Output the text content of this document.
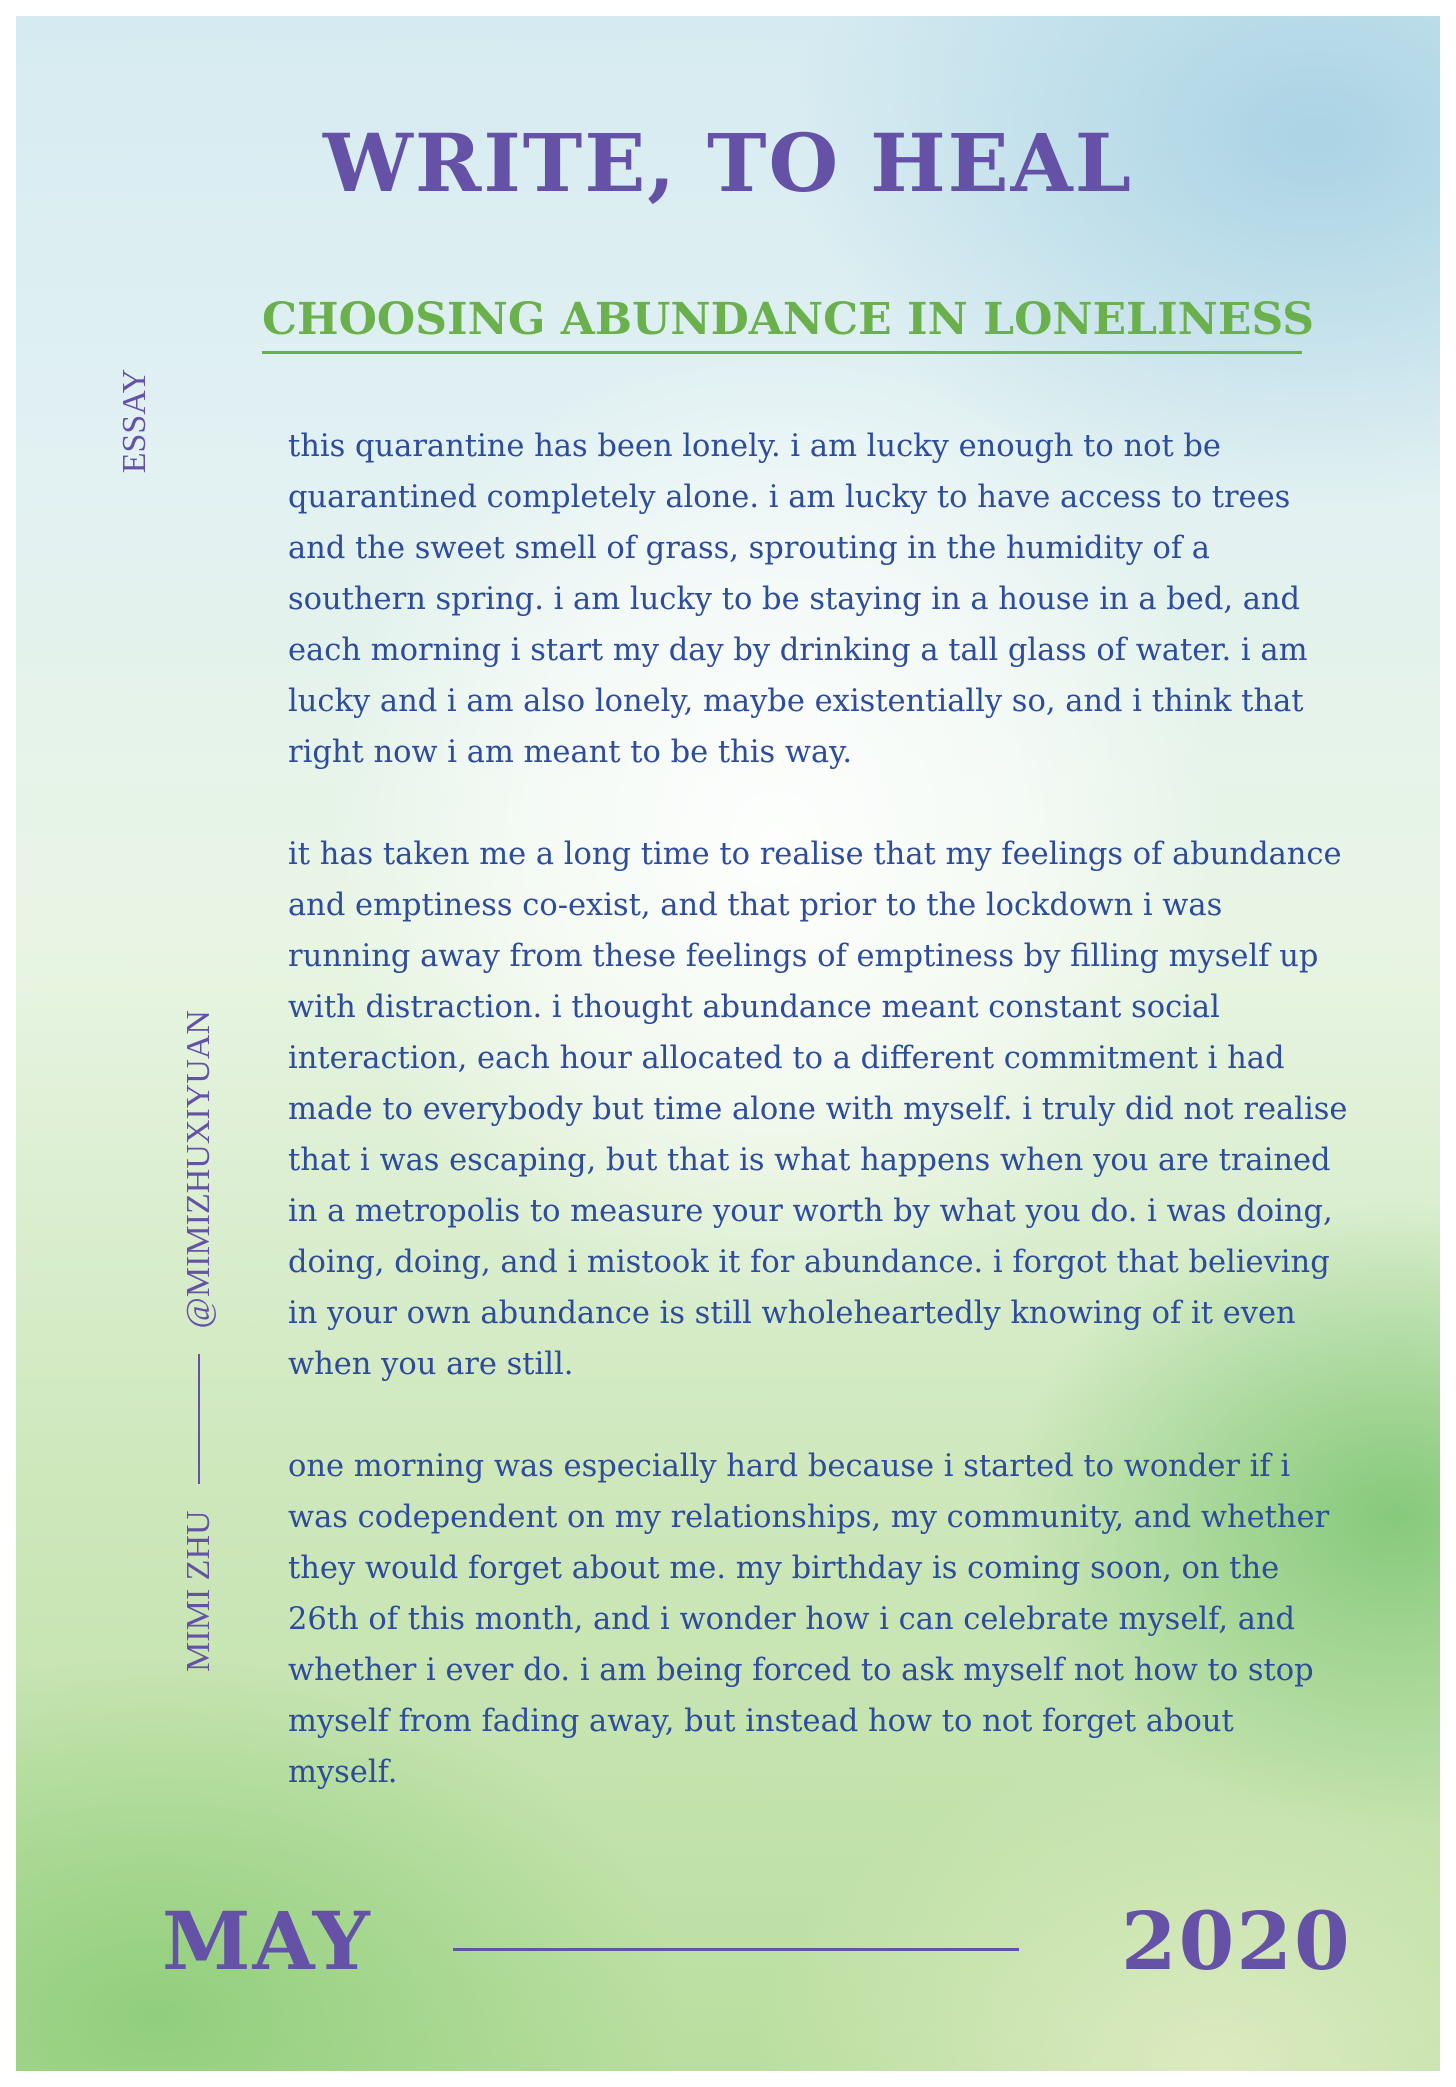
WRITE, TO HEAL
CHOOSING ABUNDANCE IN LONELINESS
ESSAY
MIMI ZHU
@MIMIZHUXIYUAN

this quarantine has been lonely. i am lucky enough to not be quarantined completely alone. i am lucky to have access to trees and the sweet smell of grass, sprouting in the humidity of a southern spring. i am lucky to be staying in a house in a bed, and each morning i start my day by drinking a tall glass of water. i am lucky and i am also lonely, maybe existentially so, and i think that right now i am meant to be this way.

it has taken me a long time to realise that my feelings of abundance and emptiness co-exist, and that prior to the lockdown i was running away from these feelings of emptiness by filling myself up with distraction. i thought abundance meant constant social interaction, each hour allocated to a different commitment i had made to everybody but time alone with myself. i truly did not realise that i was escaping, but that is what happens when you are trained in a metropolis to measure your worth by what you do. i was doing, doing, doing, and i mistook it for abundance. i forgot that believing in your own abundance is still wholeheartedly knowing of it even when you are still.

one morning was especially hard because i started to wonder if i was codependent on my relationships, my community, and whether they would forget about me. my birthday is coming soon, on the 26th of this month, and i wonder how i can celebrate myself, and whether i ever do. i am being forced to ask myself not how to stop myself from fading away, but instead how to not forget about myself.

MAY	2020
